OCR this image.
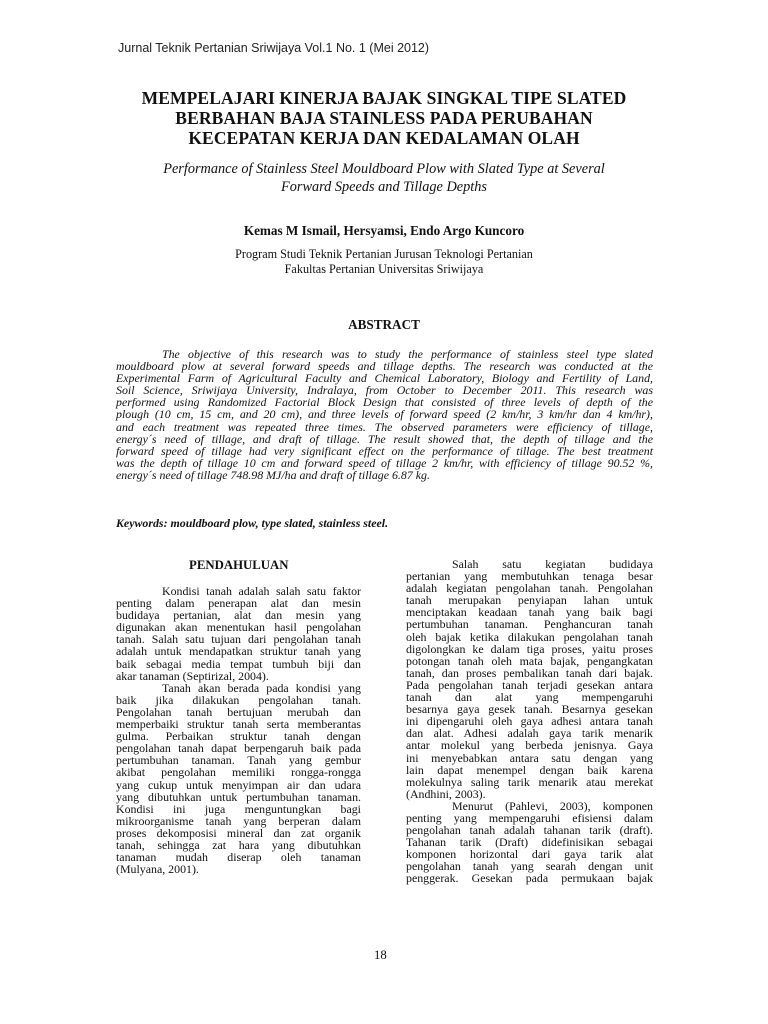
Jurnal Teknik Pertanian Sriwijaya Vol.1 No. 1 (Mei 2012)
MEMPELAJARI KINERJA BAJAK SINGKAL TIPE SLATED
BERBAHAN BAJA STAINLESS PADA PERUBAHAN
KECEPATAN KERJA DAN KEDALAMAN OLAH
Performance of Stainless Steel Mouldboard Plow with Slated Type at Several
Forward Speeds and Tillage Depths
Kemas M Ismail, Hersyamsi, Endo Argo Kuncoro
Program Studi Teknik Pertanian Jurusan Teknologi Pertanian
Fakultas Pertanian Universitas Sriwijaya
ABSTRACT
The objective of this research was to study the performance of stainless steel type slated
mouldboard plow at several forward speeds and tillage depths. The research was conducted at the
Experimental Farm of Agricultural Faculty and Chemical Laboratory, Biology and Fertility of Land,
Soil Science, Sriwijaya University, Indralaya, from October to December 2011. This research was
performed using Randomized Factorial Block Design that consisted of three levels of depth of the
plough (10 cm, 15 cm, and 20 cm), and three levels of forward speed (2 km/hr, 3 km/hr dan 4 km/hr),
and each treatment was repeated three times. The observed parameters were efficiency of tillage,
energy´s need of tillage, and draft of tillage. The result showed that, the depth of tillage and the
forward speed of tillage had very significant effect on the performance of tillage. The best treatment
was the depth of tillage 10 cm and forward speed of tillage 2 km/hr, with efficiency of tillage 90.52 %,
energy´s need of tillage 748.98 MJ/ha and draft of tillage 6.87 kg.
Keywords: mouldboard plow, type slated, stainless steel.
PENDAHULUAN
Kondisi tanah adalah salah satu faktor
penting dalam penerapan alat dan mesin
budidaya pertanian, alat dan mesin yang
digunakan akan menentukan hasil pengolahan
tanah. Salah satu tujuan dari pengolahan tanah
adalah untuk mendapatkan struktur tanah yang
baik sebagai media tempat tumbuh biji dan
akar tanaman (Septirizal, 2004).
Tanah akan berada pada kondisi yang
baik jika dilakukan pengolahan tanah.
Pengolahan tanah bertujuan merubah dan
memperbaiki struktur tanah serta memberantas
gulma. Perbaikan struktur tanah dengan
pengolahan tanah dapat berpengaruh baik pada
pertumbuhan tanaman. Tanah yang gembur
akibat pengolahan memiliki rongga-rongga
yang cukup untuk menyimpan air dan udara
yang dibutuhkan untuk pertumbuhan tanaman.
Kondisi ini juga menguntungkan bagi
mikroorganisme tanah yang berperan dalam
proses dekomposisi mineral dan zat organik
tanah, sehingga zat hara yang dibutuhkan
tanaman mudah diserap oleh tanaman
(Mulyana, 2001).
Salah satu kegiatan budidaya
pertanian yang membutuhkan tenaga besar
adalah kegiatan pengolahan tanah. Pengolahan
tanah merupakan penyiapan lahan untuk
menciptakan keadaan tanah yang baik bagi
pertumbuhan tanaman. Penghancuran tanah
oleh bajak ketika dilakukan pengolahan tanah
digolongkan ke dalam tiga proses, yaitu proses
potongan tanah oleh mata bajak, pengangkatan
tanah, dan proses pembalikan tanah dari bajak.
Pada pengolahan tanah terjadi gesekan antara
tanah dan alat yang mempengaruhi
besarnya gaya gesek tanah. Besarnya gesekan
ini dipengaruhi oleh gaya adhesi antara tanah
dan alat. Adhesi adalah gaya tarik menarik
antar molekul yang berbeda jenisnya. Gaya
ini menyebabkan antara satu dengan yang
lain dapat menempel dengan baik karena
molekulnya saling tarik menarik atau merekat
(Andhini, 2003).
Menurut (Pahlevi, 2003), komponen
penting yang mempengaruhi efisiensi dalam
pengolahan tanah adalah tahanan tarik (draft).
Tahanan tarik (Draft) didefinisikan sebagai
komponen horizontal dari gaya tarik alat
pengolahan tanah yang searah dengan unit
penggerak. Gesekan pada permukaan bajak
18
